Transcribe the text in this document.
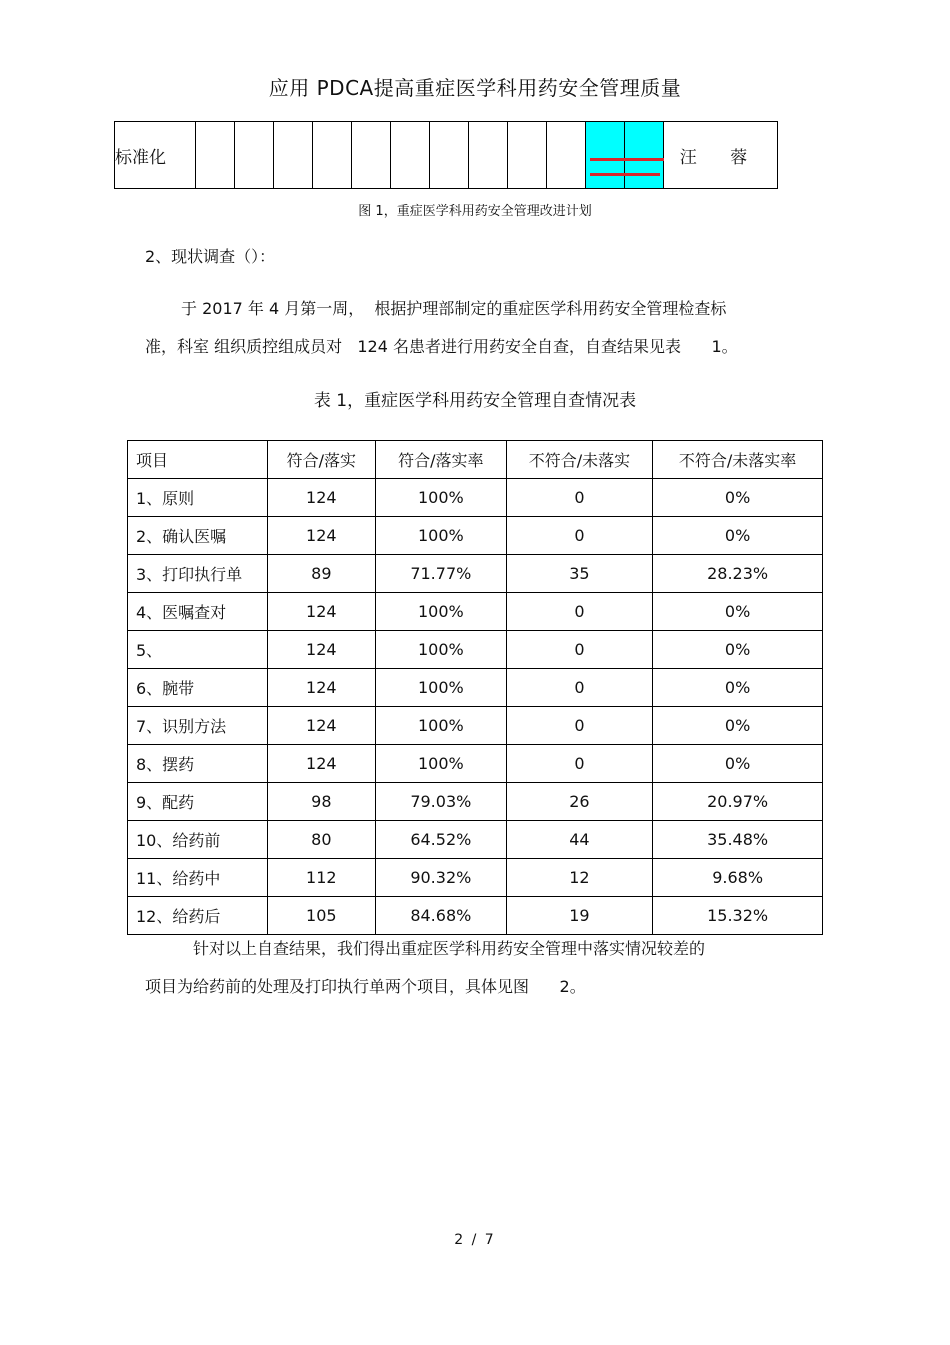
应用 PDCA提高重症医学科用药安全管理质量
标准化	汪 蓉
图 1，重症医学科用药安全管理改进计划
2、现状调查（）：
于 2017 年 4 月第一周，  根据护理部制定的重症医学科用药安全管理检查标
准，科室 组织质控组成员对   124 名患者进行用药安全自查，自查结果见表      1。
表 1，重症医学科用药安全管理自查情况表
项目	符合/落实	符合/落实率	不符合/未落实	不符合/未落实率
1、原则	124	100%	0	0%
2、确认医嘱	124	100%	0	0%
3、打印执行单	89	71.77%	35	28.23%
4、医嘱查对	124	100%	0	0%
5、	124	100%	0	0%
6、腕带	124	100%	0	0%
7、识别方法	124	100%	0	0%
8、摆药	124	100%	0	0%
9、配药	98	79.03%	26	20.97%
10、给药前	80	64.52%	44	35.48%
11、给药中	112	90.32%	12	9.68%
12、给药后	105	84.68%	19	15.32%
针对以上自查结果，我们得出重症医学科用药安全管理中落实情况较差的
项目为给药前的处理及打印执行单两个项目，具体见图      2。
2 / 7
